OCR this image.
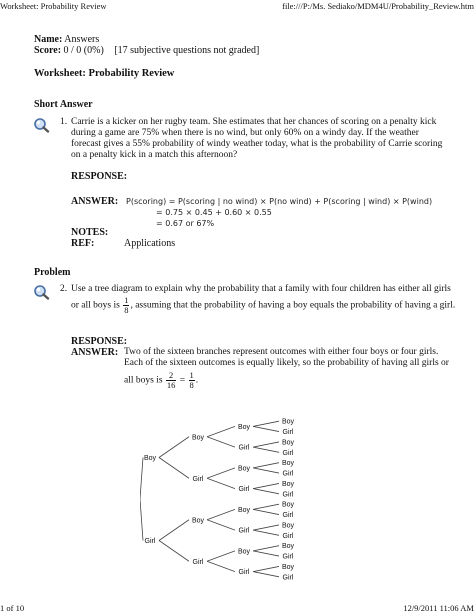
Worksheet: Probability Review	file:///P:/Ms. Sediako/MDM4U/Probability_Review.htm
Name: Answers
Score: 0 / 0 (0%) [17 subjective questions not graded]
Worksheet: Probability Review
Short Answer
1. Carrie is a kicker on her rugby team. She estimates that her chances of scoring on a penalty kick
during a game are 75% when there is no wind, but only 60% on a windy day. If the weather
forecast gives a 55% probability of windy weather today, what is the probability of Carrie scoring
on a penalty kick in a match this afternoon?
RESPONSE:
ANSWER: P(scoring) = P(scoring | no wind) × P(no wind) + P(scoring | wind) × P(wind)
= 0.75 × 0.45 + 0.60 × 0.55
= 0.67 or 67%
NOTES:
REF:	Applications
Problem
2. Use a tree diagram to explain why the probability that a family with four children has either all girls
or all boys is $\frac{1}{8}$ , assuming that the probability of having a boy equals the probability of having a girl.
RESPONSE:
ANSWER: Two of the sixteen branches represent outcomes with either four boys or four girls.
Each of the sixteen outcomes is equally likely, so the probability of having all girls or
all boys is $\frac{2}{16} = \frac{1}{8}$ .
Boy
Girl
Boy
Girl
Boy
Girl
Boy
Girl
Boy
Girl
Boy
Girl
Boy
Girl
Boy
Girl
Boy
Girl
Boy
Girl
Boy
Girl
Boy
Girl
Boy
Girl
Boy
Girl
Boy
Girl
1 of 10	12/9/2011 11:06 AM
